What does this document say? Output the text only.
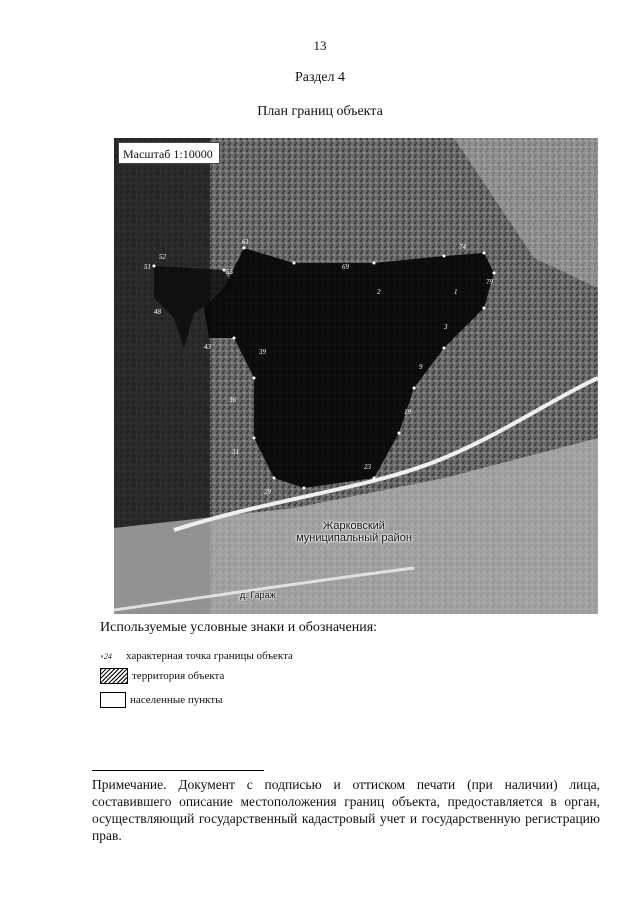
13
Раздел 4
План границ объекта
Масштаб 1:10000
2	1
3
9
19
23
29
31
36
39
43
48
51
52
55
61
69
74
79
Жарковский
муниципальный район
д. Гараж
Используемые условные знаки и обозначения:
∘24	характерная точка границы объекта
территория объекта
населенные пункты
Примечание. Документ с подписью и оттиском печати (при наличии) лица, составившего описание местоположения границ объекта, предоставляется в орган, осуществляющий государственный кадастровый учет и государственную регистрацию прав.
